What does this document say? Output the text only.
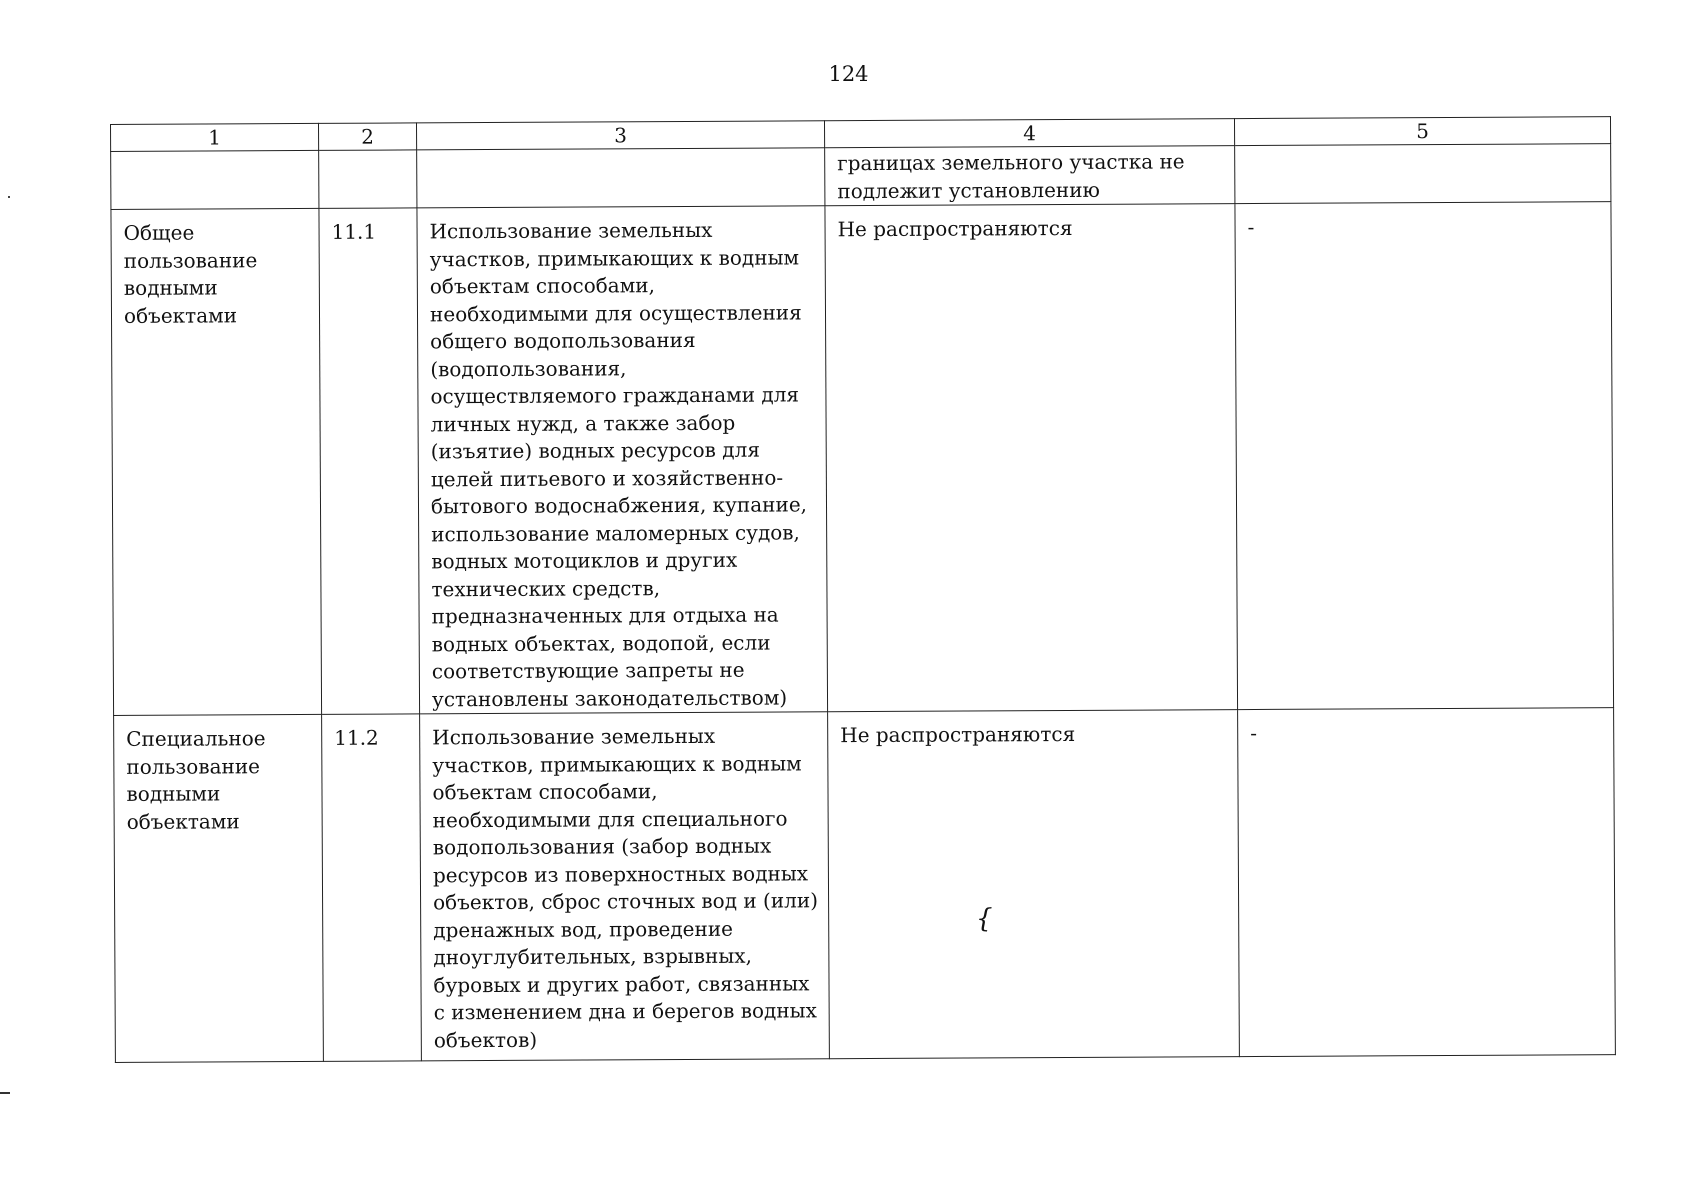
124
1	2	3	4	5
			границах земельного участка не подлежит установлению	
Общее пользование водными объектами	11.1	Использование земельных участков, примыкающих к водным объектам способами, необходимыми для осуществления общего водопользования (водопользования, осуществляемого гражданами для личных нужд, а также забор (изъятие) водных ресурсов для целей питьевого и хозяйственно-бытового водоснабжения, купание, использование маломерных судов, водных мотоциклов и других технических средств, предназначенных для отдыха на водных объектах, водопой, если соответствующие запреты не установлены законодательством)	Не распространяются	-
Специальное пользование водными объектами	11.2	Использование земельных участков, примыкающих к водным объектам способами, необходимыми для специального водопользования (забор водных ресурсов из поверхностных водных объектов, сброс сточных вод и (или) дренажных вод, проведение дноуглубительных, взрывных, буровых и других работ, связанных с изменением дна и берегов водных объектов)	Не распространяются	-
{
